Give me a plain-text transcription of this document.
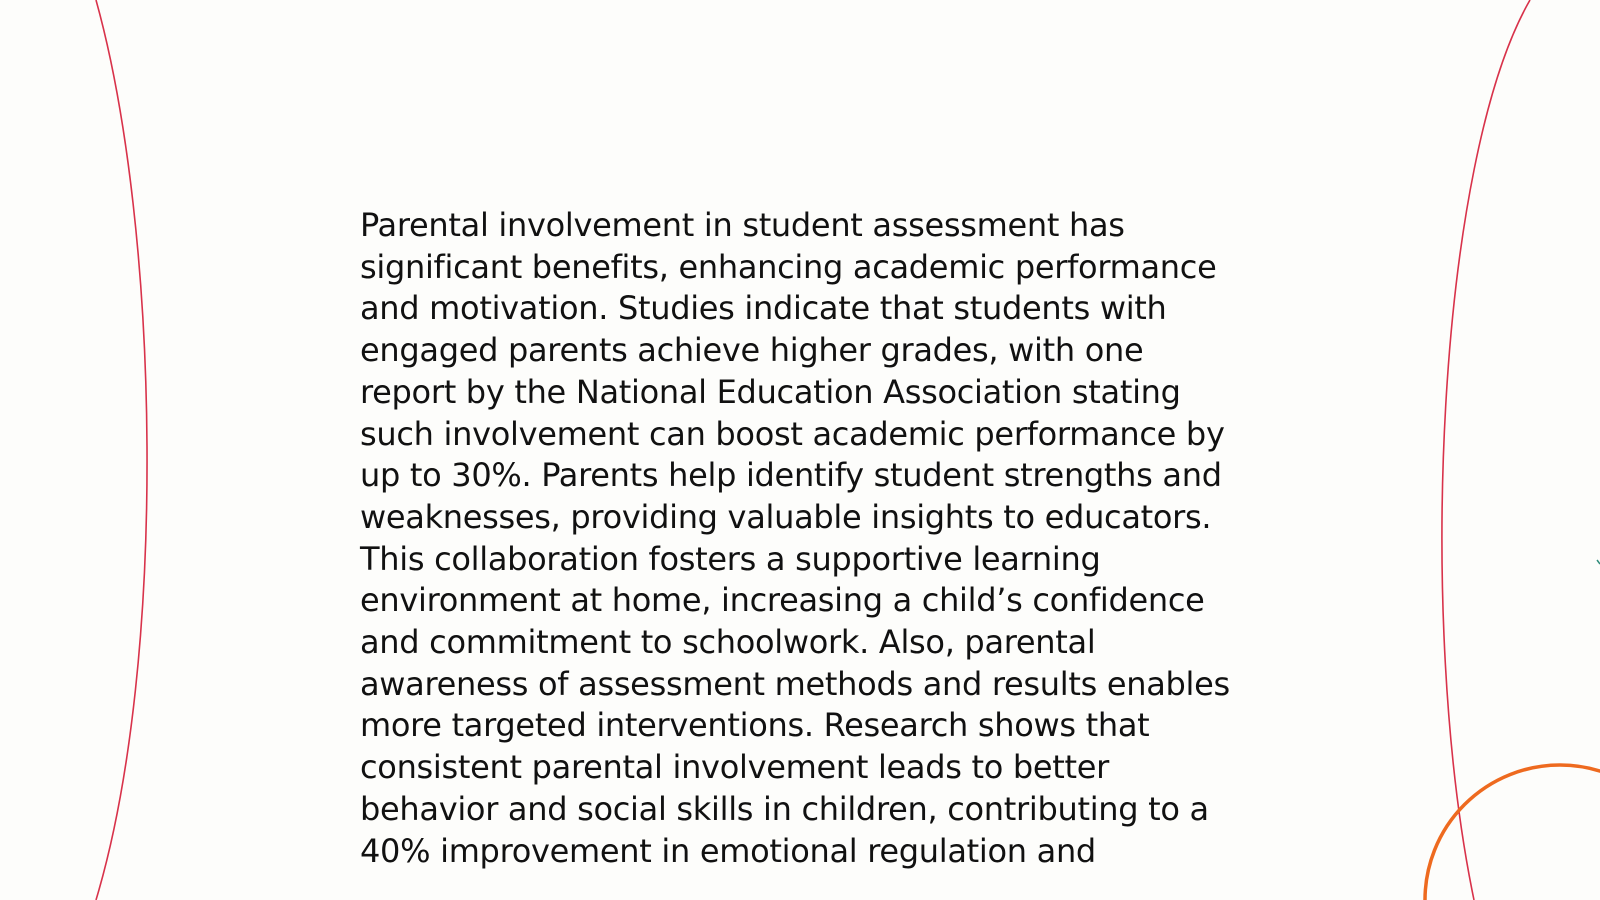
Parental involvement in student assessment has significant benefits, enhancing academic performance and motivation. Studies indicate that students with engaged parents achieve higher grades, with one report by the National Education Association stating such involvement can boost academic performance by up to 30%. Parents help identify student strengths and weaknesses, providing valuable insights to educators. This collaboration fosters a supportive learning environment at home, increasing a child’s confidence and commitment to schoolwork. Also, parental awareness of assessment methods and results enables more targeted interventions. Research shows that consistent parental involvement leads to better behavior and social skills in children, contributing to a 40% improvement in emotional regulation and
